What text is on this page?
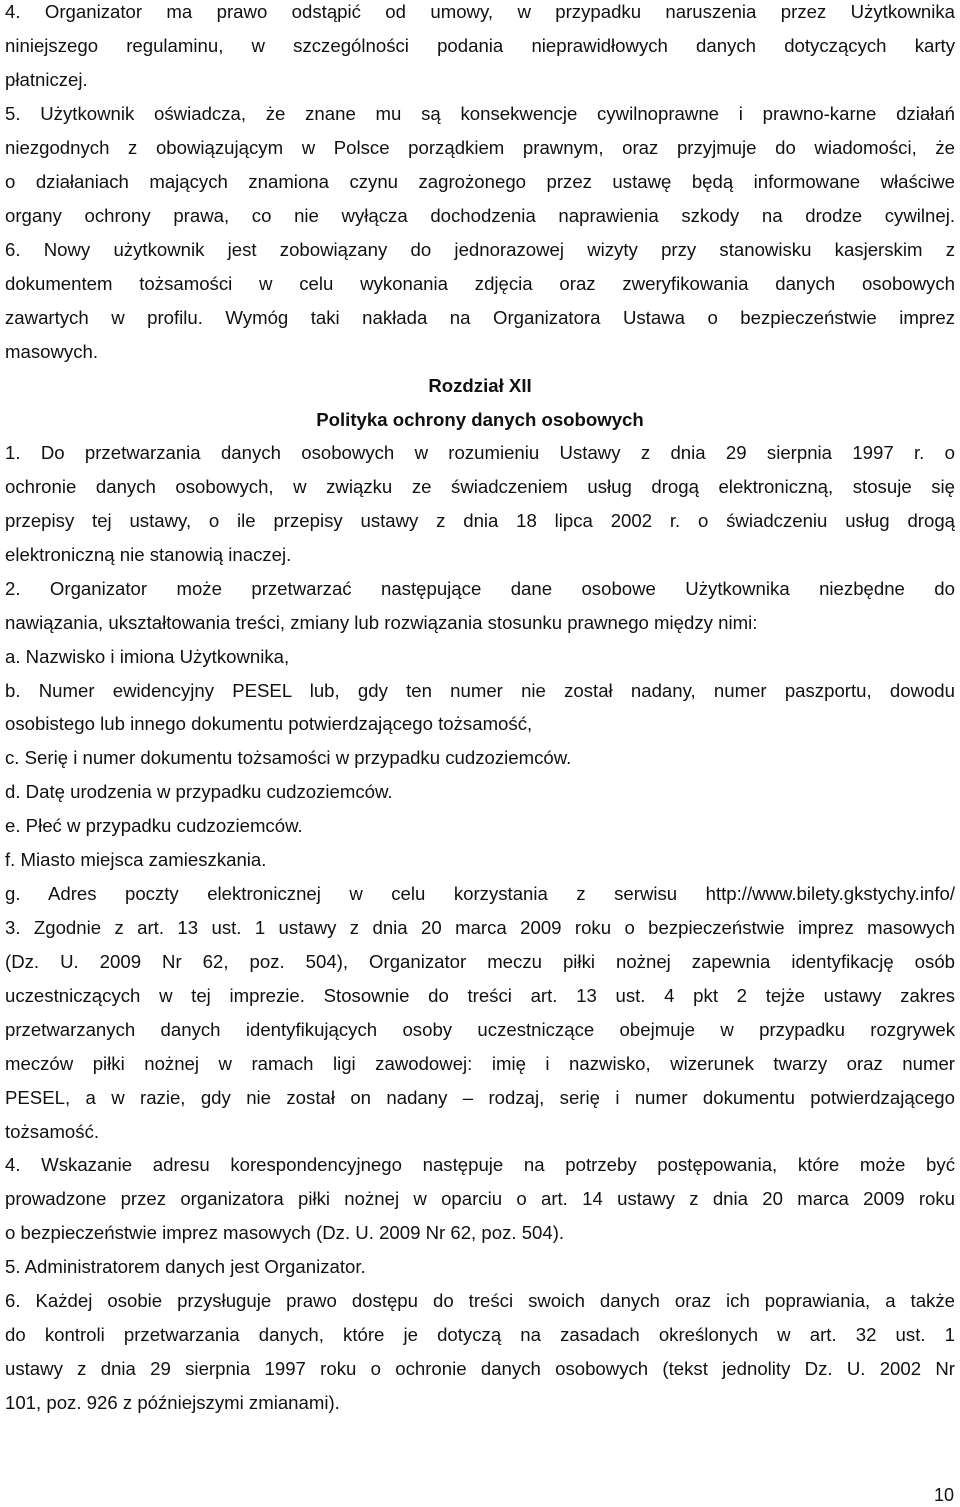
4. Organizator ma prawo odstąpić od umowy, w przypadku naruszenia przez Użytkownika
niniejszego regulaminu, w szczególności podania nieprawidłowych danych dotyczących karty
płatniczej.
5. Użytkownik oświadcza, że znane mu są konsekwencje cywilnoprawne i prawno-karne działań
niezgodnych z obowiązującym w Polsce porządkiem prawnym, oraz przyjmuje do wiadomości, że
o działaniach mających znamiona czynu zagrożonego przez ustawę będą informowane właściwe
organy ochrony prawa, co nie wyłącza dochodzenia naprawienia szkody na drodze cywilnej.
6. Nowy użytkownik jest zobowiązany do jednorazowej wizyty przy stanowisku kasjerskim z
dokumentem tożsamości w celu wykonania zdjęcia oraz zweryfikowania danych osobowych
zawartych w profilu. Wymóg taki nakłada na Organizatora Ustawa o bezpieczeństwie imprez
masowych.
Rozdział XII
Polityka ochrony danych osobowych
1. Do przetwarzania danych osobowych w rozumieniu Ustawy z dnia 29 sierpnia 1997 r. o
ochronie danych osobowych, w związku ze świadczeniem usług drogą elektroniczną, stosuje się
przepisy tej ustawy, o ile przepisy ustawy z dnia 18 lipca 2002 r. o świadczeniu usług drogą
elektroniczną nie stanowią inaczej.
2. Organizator może przetwarzać następujące dane osobowe Użytkownika niezbędne do
nawiązania, ukształtowania treści, zmiany lub rozwiązania stosunku prawnego między nimi:
a. Nazwisko i imiona Użytkownika,
b. Numer ewidencyjny PESEL lub, gdy ten numer nie został nadany, numer paszportu, dowodu
osobistego lub innego dokumentu potwierdzającego tożsamość,
c. Serię i numer dokumentu tożsamości w przypadku cudzoziemców.
d. Datę urodzenia w przypadku cudzoziemców.
e. Płeć w przypadku cudzoziemców.
f. Miasto miejsca zamieszkania.
g. Adres poczty elektronicznej w celu korzystania z serwisu http://www.bilety.gkstychy.info/
3. Zgodnie z art. 13 ust. 1 ustawy z dnia 20 marca 2009 roku o bezpieczeństwie imprez masowych
(Dz. U. 2009 Nr 62, poz. 504), Organizator meczu piłki nożnej zapewnia identyfikację osób
uczestniczących w tej imprezie. Stosownie do treści art. 13 ust. 4 pkt 2 tejże ustawy zakres
przetwarzanych danych identyfikujących osoby uczestniczące obejmuje w przypadku rozgrywek
meczów piłki nożnej w ramach ligi zawodowej: imię i nazwisko, wizerunek twarzy oraz numer
PESEL, a w razie, gdy nie został on nadany – rodzaj, serię i numer dokumentu potwierdzającego
tożsamość.
4. Wskazanie adresu korespondencyjnego następuje na potrzeby postępowania, które może być
prowadzone przez organizatora piłki nożnej w oparciu o art. 14 ustawy z dnia 20 marca 2009 roku
o bezpieczeństwie imprez masowych (Dz. U. 2009 Nr 62, poz. 504).
5. Administratorem danych jest Organizator.
6. Każdej osobie przysługuje prawo dostępu do treści swoich danych oraz ich poprawiania, a także
do kontroli przetwarzania danych, które je dotyczą na zasadach określonych w art. 32 ust. 1
ustawy z dnia 29 sierpnia 1997 roku o ochronie danych osobowych (tekst jednolity Dz. U. 2002 Nr
101, poz. 926 z późniejszymi zmianami).
10
